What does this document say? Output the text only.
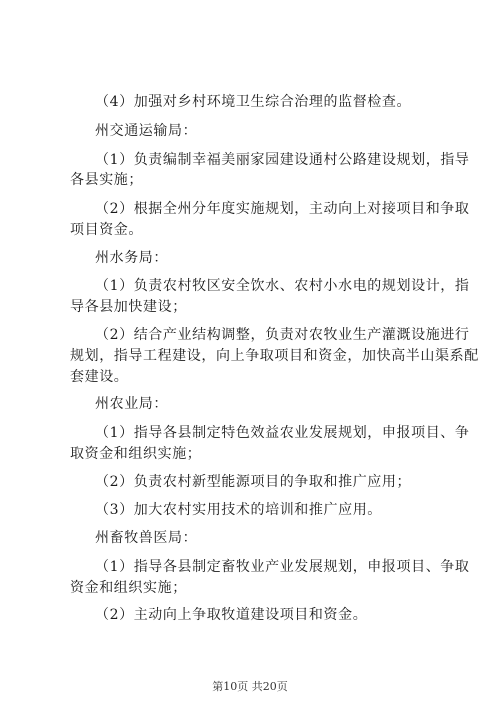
（4）加强对乡村环境卫生综合治理的监督检查。
州交通运输局：
（1）负责编制幸福美丽家园建设通村公路建设规划，指导
各县实施；
（2）根据全州分年度实施规划，主动向上对接项目和争取
项目资金。
州水务局：
（1）负责农村牧区安全饮水、农村小水电的规划设计，指
导各县加快建设；
（2）结合产业结构调整，负责对农牧业生产灌溉设施进行
规划，指导工程建设，向上争取项目和资金，加快高半山渠系配
套建设。
州农业局：
（1）指导各县制定特色效益农业发展规划，申报项目、争
取资金和组织实施；
（2）负责农村新型能源项目的争取和推广应用；
（3）加大农村实用技术的培训和推广应用。
州畜牧兽医局：
（1）指导各县制定畜牧业产业发展规划，申报项目、争取
资金和组织实施；
（2）主动向上争取牧道建设项目和资金。
第10页 共20页
